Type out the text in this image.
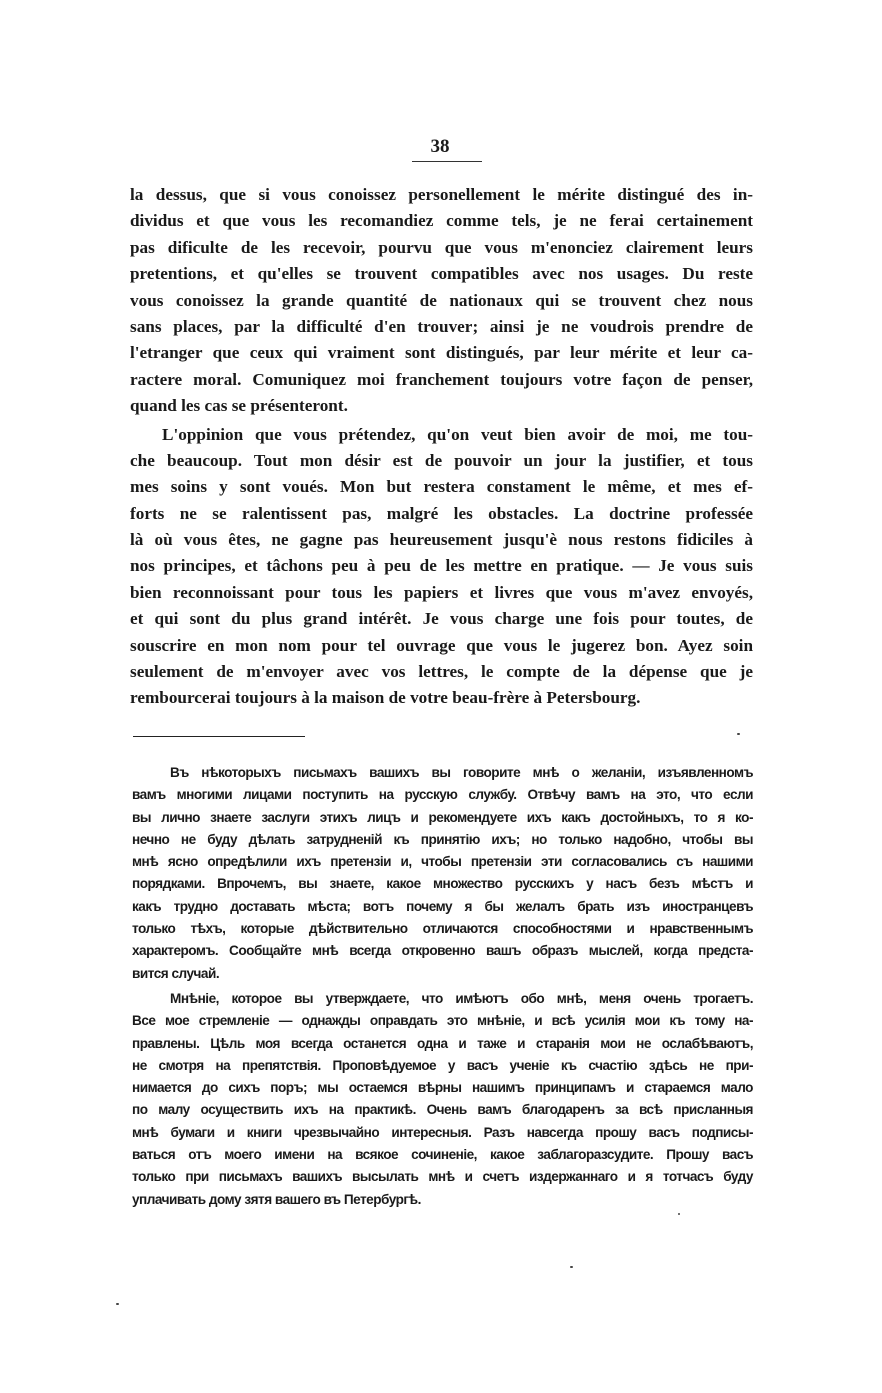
38
la dessus, que si vous conoissez personellement le mérite distingué des in-
dividus et que vous les recomandiez comme tels, je ne ferai certainement
pas dificulte de les recevoir, pourvu que vous m'enonciez clairement leurs
pretentions, et qu'elles se trouvent compatibles avec nos usages. Du reste
vous conoissez la grande quantité de nationaux qui se trouvent chez nous
sans places, par la difficulté d'en trouver; ainsi je ne voudrois prendre de
l'etranger que ceux qui vraiment sont distingués, par leur mérite et leur ca-
ractere moral. Comuniquez moi franchement toujours votre façon de penser,
quand les cas se présenteront.
L'oppinion que vous prétendez, qu'on veut bien avoir de moi, me tou-
che beaucoup. Tout mon désir est de pouvoir un jour la justifier, et tous
mes soins y sont voués. Mon but restera constament le même, et mes ef-
forts ne se ralentissent pas, malgré les obstacles. La doctrine professée
là où vous êtes, ne gagne pas heureusement jusqu'è nous restons fidiciles à
nos principes, et tâchons peu à peu de les mettre en pratique. — Je vous suis
bien reconnoissant pour tous les papiers et livres que vous m'avez envoyés,
et qui sont du plus grand intérêt. Je vous charge une fois pour toutes, de
souscrire en mon nom pour tel ouvrage que vous le jugerez bon. Ayez soin
seulement de m'envoyer avec vos lettres, le compte de la dépense que je
rembourcerai toujours à la maison de votre beau-frère à Petersbourg.
Въ нѣкоторыхъ письмахъ вашихъ вы говорите мнѣ о желаніи, изъявленномъ
вамъ многими лицами поступить на русскую службу. Отвѣчу вамъ на это, что если
вы лично знаете заслуги этихъ лицъ и рекомендуете ихъ какъ достойныхъ, то я ко-
нечно не буду дѣлать затрудненій къ принятію ихъ; но только надобно, чтобы вы
мнѣ ясно опредѣлили ихъ претензіи и, чтобы претензіи эти согласовались съ нашими
порядками. Впрочемъ, вы знаете, какое множество русскихъ у насъ безъ мѣстъ и
какъ трудно доставать мѣста; вотъ почему я бы желалъ брать изъ иностранцевъ
только тѣхъ, которые дѣйствительно отличаются способностями и нравственнымъ
характеромъ. Сообщайте мнѣ всегда откровенно вашъ образъ мыслей, когда предста-
вится случай.
Мнѣніе, которое вы утверждаете, что имѣютъ обо мнѣ, меня очень трогаетъ.
Все мое стремленіе — однажды оправдать это мнѣніе, и всѣ усилія мои къ тому на-
правлены. Цѣль моя всегда останется одна и таже и старанія мои не ослабѣваютъ,
не смотря на препятствія. Проповѣдуемое у васъ ученіе къ счастію здѣсь не при-
нимается до сихъ поръ; мы остаемся вѣрны нашимъ принципамъ и стараемся мало
по малу осуществить ихъ на практикѣ. Очень вамъ благодаренъ за всѣ присланныя
мнѣ бумаги и книги чрезвычайно интересныя. Разъ навсегда прошу васъ подписы-
ваться отъ моего имени на всякое сочиненіе, какое заблагоразсудите. Прошу васъ
только при письмахъ вашихъ высылать мнѣ и счетъ издержаннаго и я тотчасъ буду
уплачивать дому зятя вашего въ Петербургѣ.
